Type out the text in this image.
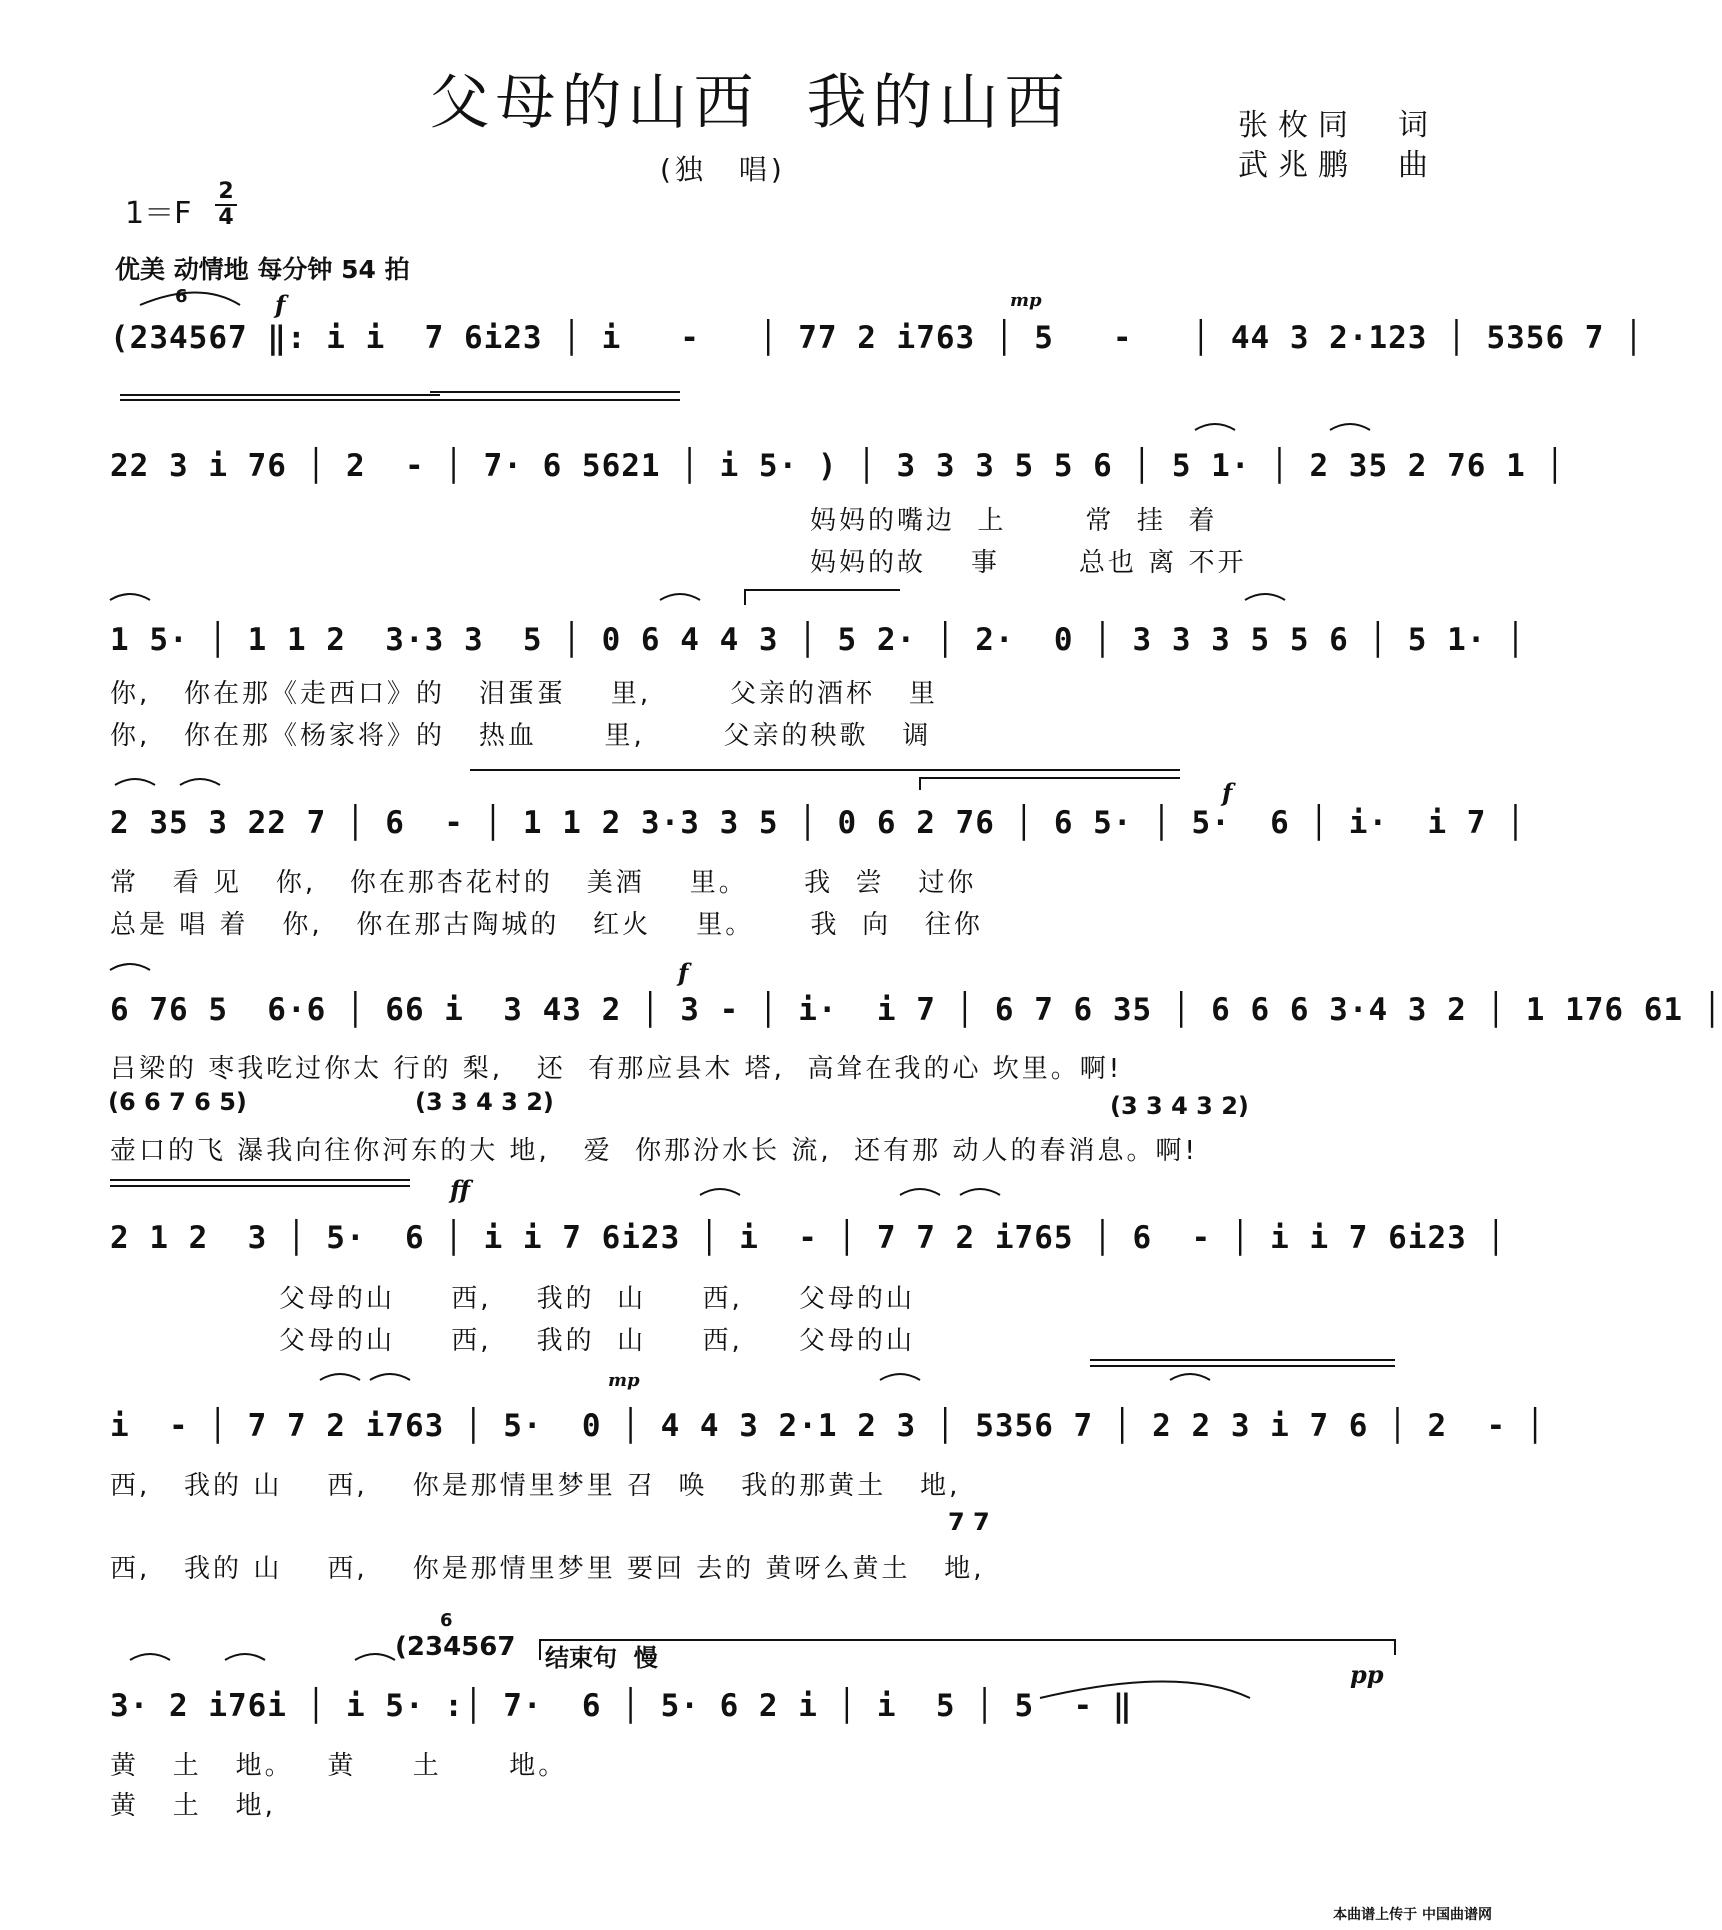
父母的山西 我的山西
(独　唱)
张枚同　词
武兆鹏　曲
$1=F \frac{2}{4}$
优美 动情地 每分钟 54 拍
6	f	mp
(234567 ‖: i i  7 6i23 │ i   -   │ 77 2 i763 │ 5   -   │ 44 3 2·123 │ 5356 7 │
22 3 i 76 │ 2  - │ 7· 6 5621 │ i 5· ) │ 3 3 3 5 5 6 │ 5 1· │ 2 35 2 76 1 │
妈妈的嘴边  上       常  挂  着
妈妈的故    事       总也 离 不开
1 5· │ 1 1 2  3·3 3  5 │ 0 6 4 4 3 │ 5 2· │ 2·  0 │ 3 3 3 5 5 6 │ 5 1· │
你,   你在那《走西口》的   泪蛋蛋    里,       父亲的酒杯   里
你,   你在那《杨家将》的   热血      里,       父亲的秧歌   调
f
2 35 3 22 7 │ 6  - │ 1 1 2 3·3 3 5 │ 0 6 2 76 │ 6 5· │ 5·  6 │ i·  i 7 │
常   看 见   你,   你在那杏花村的   美酒    里。     我  尝   过你
总是 唱 着   你,   你在那古陶城的   红火    里。     我  向   往你
f
6 76 5  6·6 │ 66 i  3 43 2 │ 3 - │ i·  i 7 │ 6 7 6 35 │ 6 6 6 3·4 3 2 │ 1 176 61 │
吕梁的 枣我吃过你太 行的 梨,   还  有那应县木 塔,  高耸在我的心 坎里。啊!
(6 6 7 6 5)	(3 3 4 3 2)	(3 3 4 3 2)
壶口的飞 瀑我向往你河东的大 地,   爱  你那汾水长 流,  还有那 动人的春消息。啊!
ff
2 1 2  3 │ 5·  6 │ i i 7 6i23 │ i  - │ 7 7 2 i765 │ 6  - │ i i 7 6i23 │
父母的山     西,    我的  山     西,     父母的山
父母的山     西,    我的  山     西,     父母的山
mp
i  - │ 7 7 2 i763 │ 5·  0 │ 4 4 3 2·1 2 3 │ 5356 7 │ 2 2 3 i 7 6 │ 2  - │
西,   我的 山    西,    你是那情里梦里 召  唤   我的那黄土   地,
7 7
西,   我的 山    西,    你是那情里梦里 要回 去的 黄呀么黄土   地,
6
(234567 结束句  慢
pp
3· 2 i76i │ i 5· :│ 7·  6 │ 5· 6 2 i │ i  5 │ 5  - ‖
黄   土   地。   黄     土      地。
黄   土   地,
本曲谱上传于 中国曲谱网
